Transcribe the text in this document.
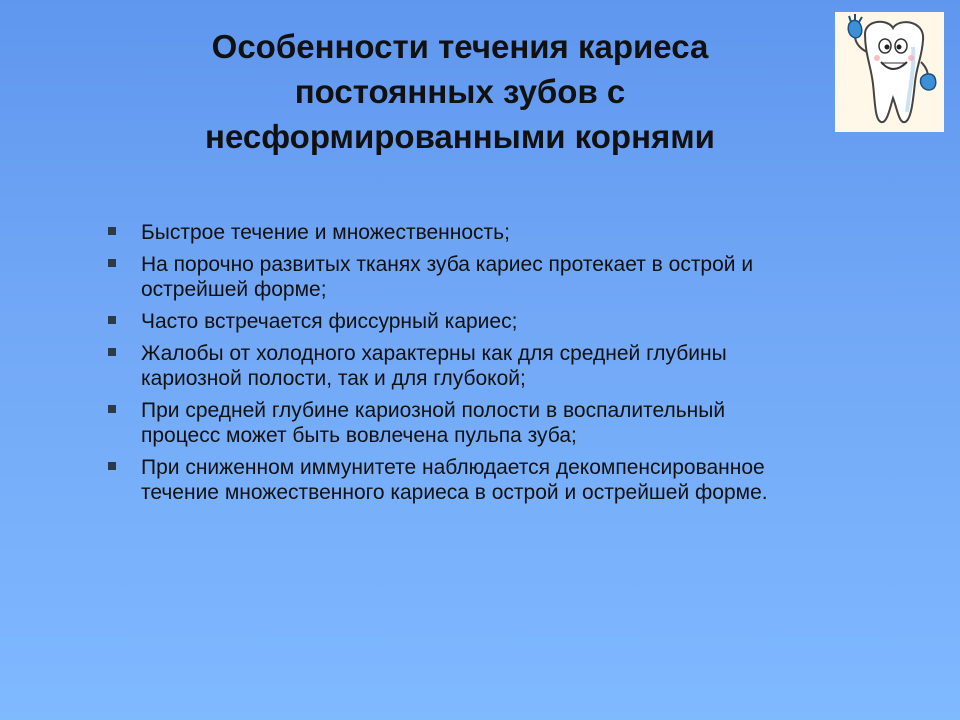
Особенности течения кариеса
постоянных зубов с
несформированными корнями
Быстрое течение и множественность;
На порочно развитых тканях зуба кариес протекает в острой и острейшей форме;
Часто встречается фиссурный кариес;
Жалобы от холодного характерны как для средней глубины кариозной полости, так и для глубокой;
При средней глубине кариозной полости в воспалительный процесс может быть вовлечена пульпа зуба;
При сниженном иммунитете наблюдается декомпенсированное течение множественного кариеса в острой и острейшей форме.
